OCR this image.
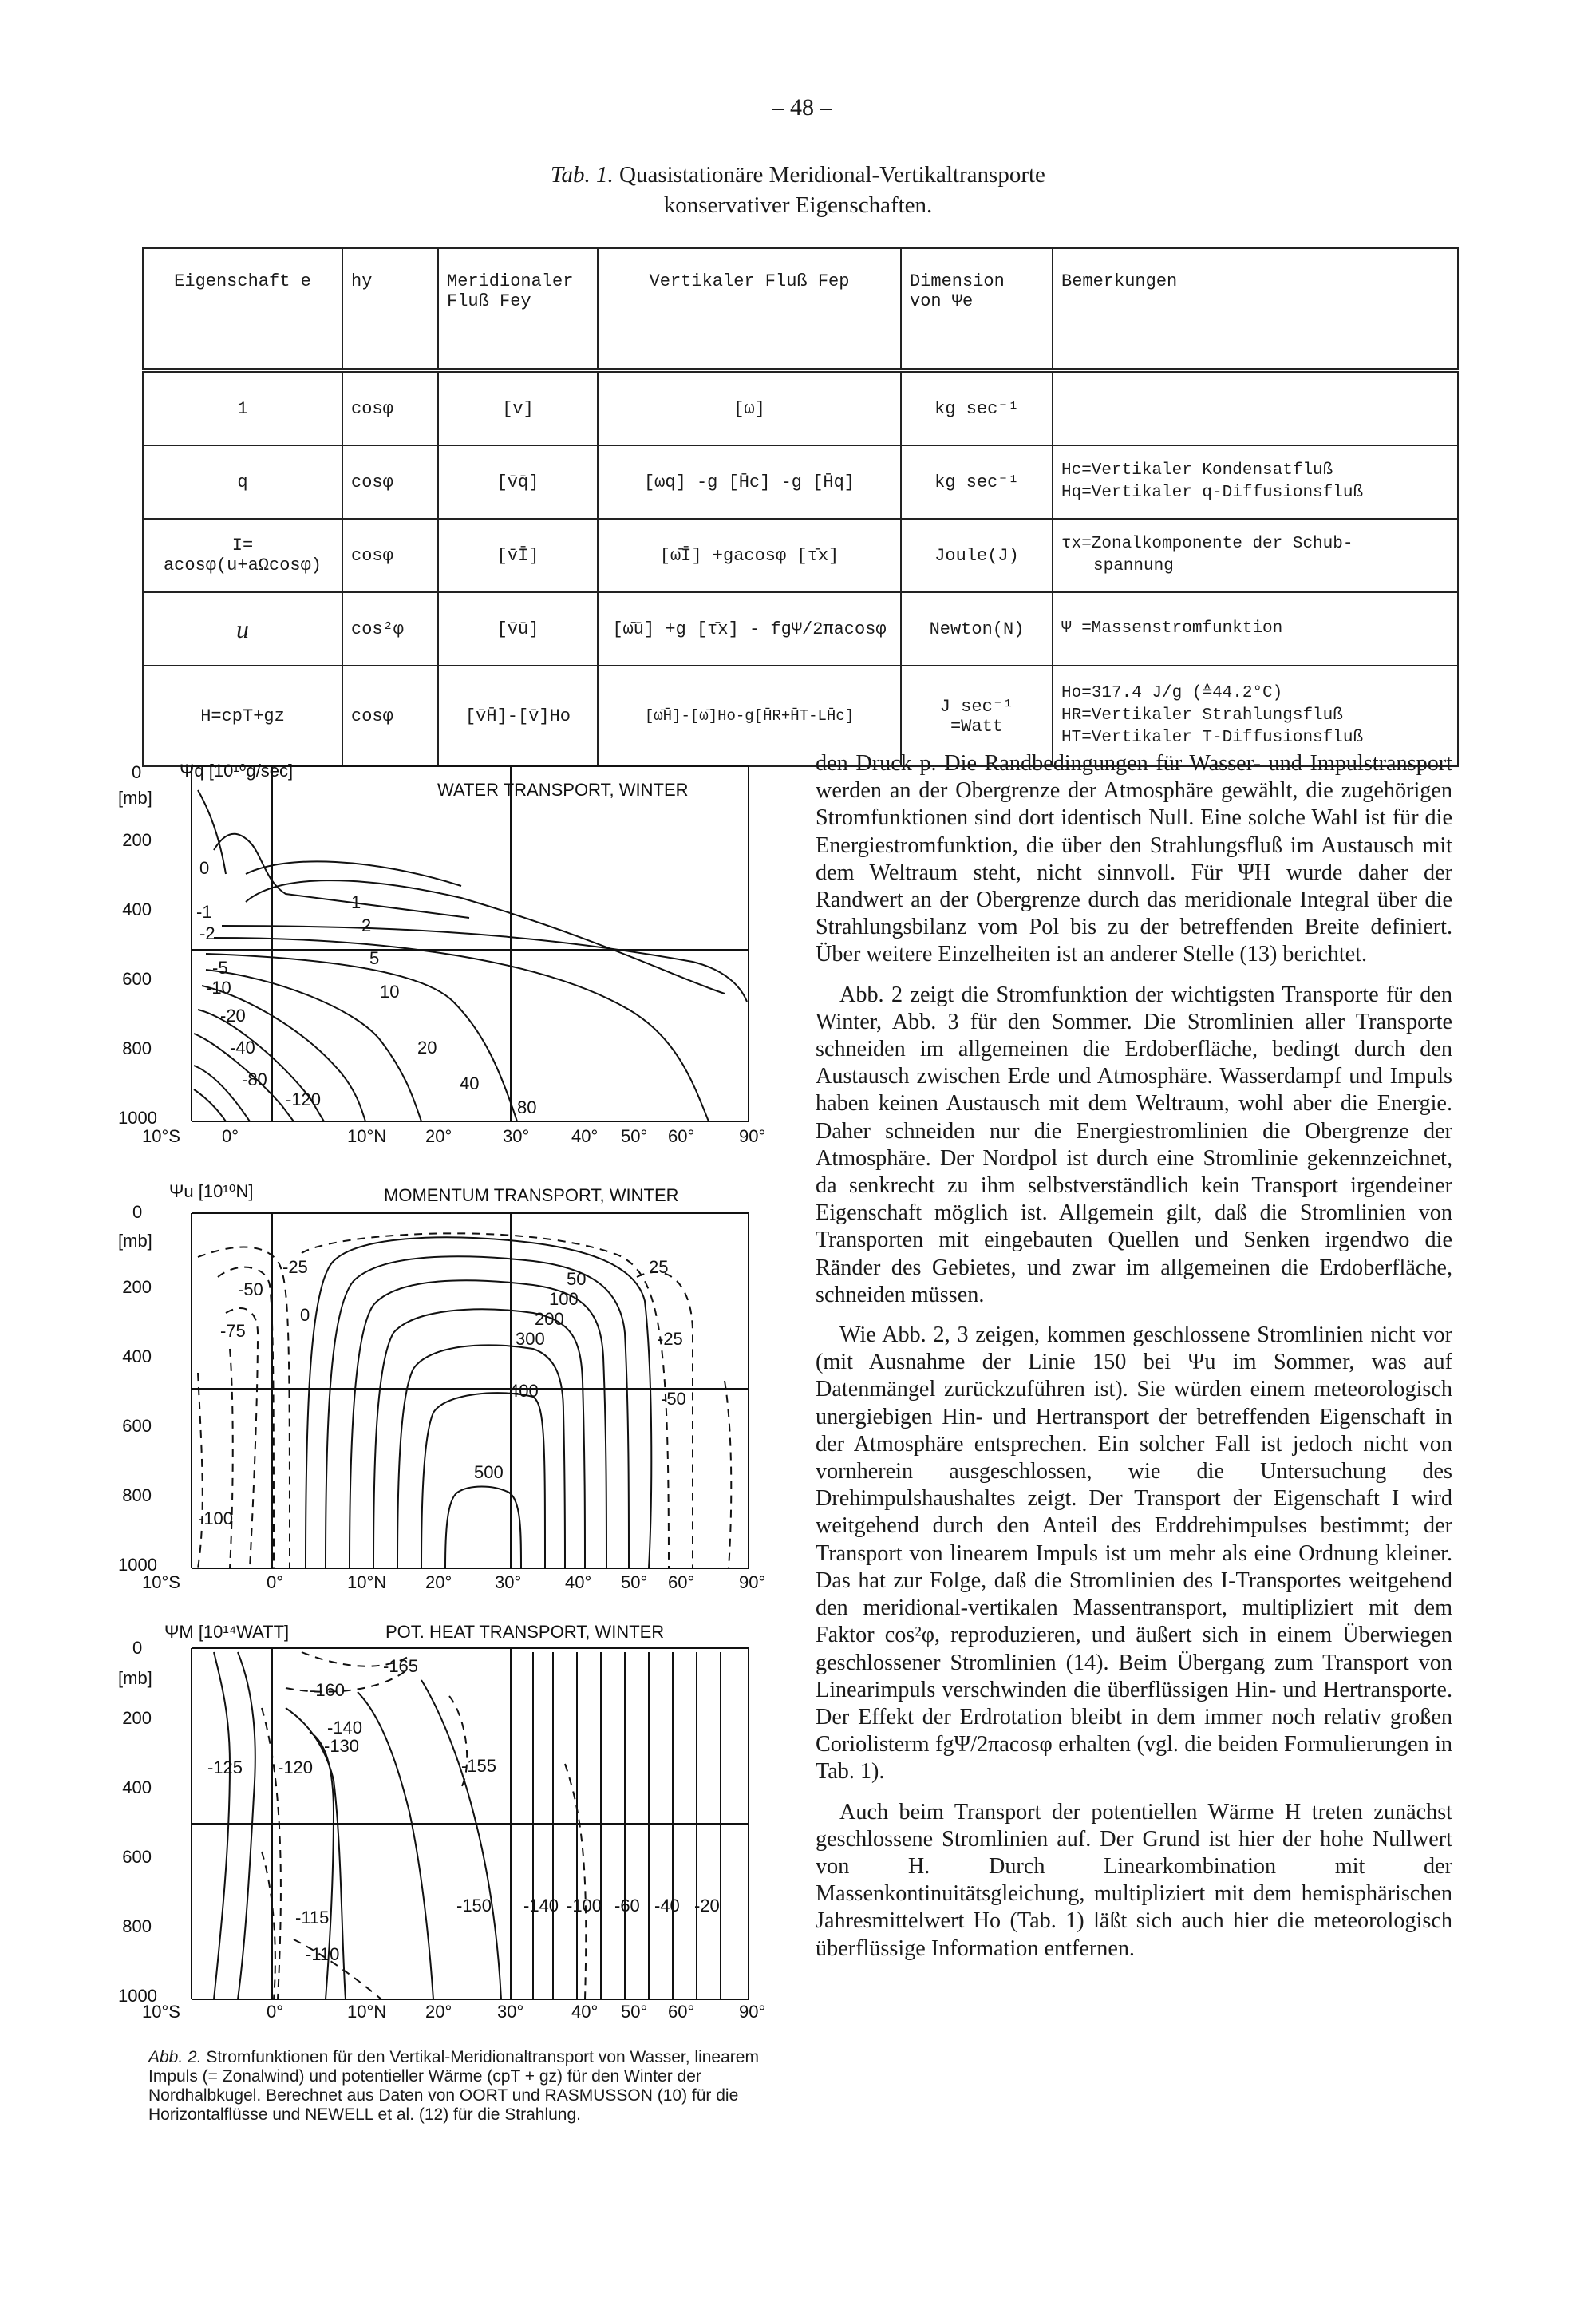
– 48 –
Tab. 1. Quasistationäre Meridional-Vertikaltransporte
konservativer Eigenschaften.
Eigenschaft e	hy	Meridionaler Fluß Fey	Vertikaler Fluß Fep	Dimension von Ψe	Bemerkungen
1	cosφ	[v]	[ω]	kg sec⁻¹	
q	cosφ	[v̄q̄]	[ωq] -g [H̄c] -g [H̄q]	kg sec⁻¹	Hc=Vertikaler Kondensatfluß
Hq=Vertikaler q-Diffusionsfluß

I= acosφ(u+aΩcosφ)	cosφ	[v̄Ī]	[ω̄Ī] +gacosφ [τ̄x]	Joule(J)	τx=Zonalkomponente der Schub-
spannung

u	cos²φ	[v̄ū]	[ω̄ū] +g [τ̄x] - fgΨ/2πacosφ	Newton(N)	Ψ =Massenstromfunktion
H=cpT+gz	cosφ	[v̄H̄]-[v̄]Ho	[ω̄H̄]-[ω̄]Ho-g[H̄R+H̄T-LH̄c]	J sec⁻¹ =Watt	Ho=317.4 J/g (≙44.2°C)
HR=Vertikaler Strahlungsfluß
HT=Vertikaler T-Diffusionsfluß
Ψq [10¹⁰g/sec]
WATER TRANSPORT, WINTER
0
[mb]
200
400
600
800
1000
10°S 0°	10°N 20°	30° 40° 50° 60°	90°
0
-1
-2
-5
-10
-20
-40
-80
-120
1
2
5
10
20
40
80
Ψu [10¹⁰N]	MOMENTUM TRANSPORT, WINTER
0
[mb]
200
400
600
800
1000
10°S	0°	10°N 20° 30° 40° 50° 60°	90°
-25
-50
-75
-100
0
25
50
100
200
300
400
500
-25
-50
ΨM [10¹⁴WATT]	POT. HEAT TRANSPORT, WINTER
0
[mb]
200
400
600
800
1000
10°S	0°	10°N 20°	30°	40° 50° 60°	90°
-165
-160
-140
-130
-125 -120	-155
-115
-110
-150 -140 -100 -60 -40 -20
Abb. 2. Stromfunktionen für den Vertikal-Meridionaltransport von Wasser, linearem Impuls (= Zonalwind) und potentieller Wärme (cpT + gz) für den Winter der Nordhalbkugel. Berechnet aus Daten von OORT und RASMUSSON (10) für die Horizontalflüsse und NEWELL et al. (12) für die Strahlung.

den Druck p. Die Randbedingungen für Wasser- und Impulstransport werden an der Obergrenze der Atmosphäre gewählt, die zugehörigen Stromfunktionen sind dort identisch Null. Eine solche Wahl ist für die Energiestromfunktion, die über den Strahlungsfluß im Austausch mit dem Weltraum steht, nicht sinnvoll. Für ΨH wurde daher der Randwert an der Obergrenze durch das meridionale Integral über die Strahlungsbilanz vom Pol bis zu der betreffenden Breite definiert. Über weitere Einzelheiten ist an anderer Stelle (13) berichtet.

Abb. 2 zeigt die Stromfunktion der wichtigsten Transporte für den Winter, Abb. 3 für den Sommer. Die Stromlinien aller Transporte schneiden im allgemeinen die Erdoberfläche, bedingt durch den Austausch zwischen Erde und Atmosphäre. Wasserdampf und Impuls haben keinen Austausch mit dem Weltraum, wohl aber die Energie. Daher schneiden nur die Energiestromlinien die Obergrenze der Atmosphäre. Der Nordpol ist durch eine Stromlinie gekennzeichnet, da senkrecht zu ihm selbstverständlich kein Transport irgendeiner Eigenschaft möglich ist. Allgemein gilt, daß die Stromlinien von Transporten mit eingebauten Quellen und Senken irgendwo die Ränder des Gebietes, und zwar im allgemeinen die Erdoberfläche, schneiden müssen.

Wie Abb. 2, 3 zeigen, kommen geschlossene Stromlinien nicht vor (mit Ausnahme der Linie 150 bei Ψu im Sommer, was auf Datenmängel zurückzuführen ist). Sie würden einem meteorologisch unergiebigen Hin- und Hertransport der betreffenden Eigenschaft in der Atmosphäre entsprechen. Ein solcher Fall ist jedoch nicht von vornherein ausgeschlossen, wie die Untersuchung des Drehimpulshaushaltes zeigt. Der Transport der Eigenschaft I wird weitgehend durch den Anteil des Erddrehimpulses bestimmt; der Transport von linearem Impuls ist um mehr als eine Ordnung kleiner. Das hat zur Folge, daß die Stromlinien des I-Transportes weitgehend den meridional-vertikalen Massentransport, multipliziert mit dem Faktor cos²φ, reproduzieren, und äußert sich in einem Überwiegen geschlossener Stromlinien (14). Beim Übergang zum Transport von Linearimpuls verschwinden die überflüssigen Hin- und Hertransporte. Der Effekt der Erdrotation bleibt in dem immer noch relativ großen Coriolisterm fgΨ/2πacosφ erhalten (vgl. die beiden Formulierungen in Tab. 1).

Auch beim Transport der potentiellen Wärme H treten zunächst geschlossene Stromlinien auf. Der Grund ist hier der hohe Nullwert von H. Durch Linearkombination mit der Massenkontinuitätsgleichung, multipliziert mit dem hemisphärischen Jahresmittelwert Ho (Tab. 1) läßt sich auch hier die meteorologisch überflüssige Information entfernen.
